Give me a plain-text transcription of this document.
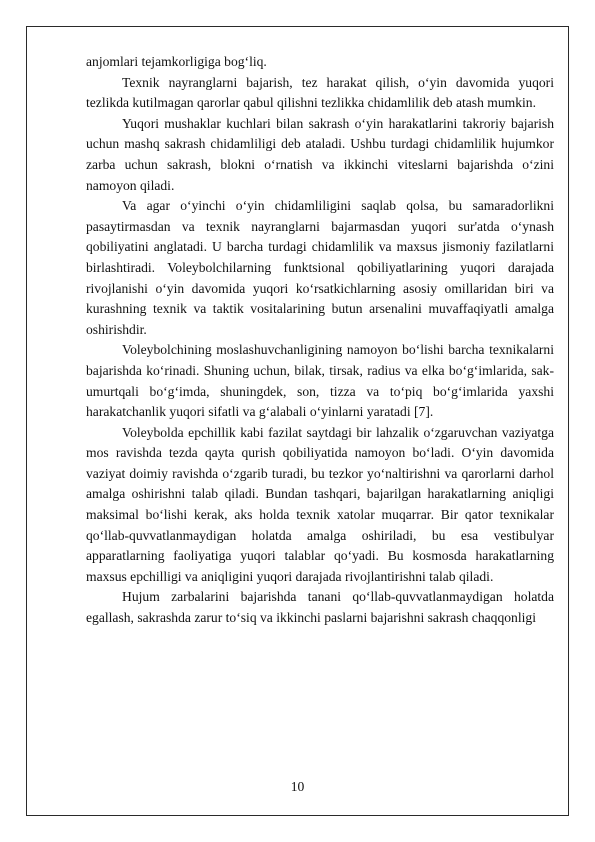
anjomlari tejamkorligiga bog‘liq.

Texnik nayranglarni bajarish, tez harakat qilish, o‘yin davomida yuqori tezlikda kutilmagan qarorlar qabul qilishni tezlikka chidamlilik deb atash mumkin.

Yuqori mushaklar kuchlari bilan sakrash o‘yin harakatlarini takroriy bajarish uchun mashq sakrash chidamliligi deb ataladi. Ushbu turdagi chidamlilik hujumkor zarba uchun sakrash, blokni o‘rnatish va ikkinchi viteslarni bajarishda o‘zini namoyon qiladi.

Va agar o‘yinchi o‘yin chidamliligini saqlab qolsa, bu samaradorlikni pasaytirmasdan va texnik nayranglarni bajarmasdan yuqori sur'atda o‘ynash qobiliyatini anglatadi. U barcha turdagi chidamlilik va maxsus jismoniy fazilatlarni birlashtiradi. Voleybolchilarning funktsional qobiliyatlarining yuqori darajada rivojlanishi o‘yin davomida yuqori ko‘rsatkichlarning asosiy omillaridan biri va kurashning texnik va taktik vositalarining butun arsenalini muvaffaqiyatli amalga oshirishdir.

Voleybolchining moslashuvchanligining namoyon bo‘lishi barcha texnikalarni bajarishda ko‘rinadi. Shuning uchun, bilak, tirsak, radius va elka bo‘g‘imlarida, sak-umurtqali bo‘g‘imda, shuningdek, son, tizza va to‘piq bo‘g‘imlarida yaxshi harakatchanlik yuqori sifatli va g‘alabali o‘yinlarni yaratadi [7].

Voleybolda epchillik kabi fazilat saytdagi bir lahzalik o‘zgaruvchan vaziyatga mos ravishda tezda qayta qurish qobiliyatida namoyon bo‘ladi. O‘yin davomida vaziyat doimiy ravishda o‘zgarib turadi, bu tezkor yo‘naltirishni va qarorlarni darhol amalga oshirishni talab qiladi. Bundan tashqari, bajarilgan harakatlarning aniqligi maksimal bo‘lishi kerak, aks holda texnik xatolar muqarrar. Bir qator texnikalar qo‘llab-quvvatlanmaydigan holatda amalga oshiriladi, bu esa vestibulyar apparatlarning faoliyatiga yuqori talablar qo‘yadi. Bu kosmosda harakatlarning maxsus epchilligi va aniqligini yuqori darajada rivojlantirishni talab qiladi.

Hujum zarbalarini bajarishda tanani qo‘llab-quvvatlanmaydigan holatda egallash, sakrashda zarur to‘siq va ikkinchi paslarni bajarishni sakrash chaqqonligi

10
